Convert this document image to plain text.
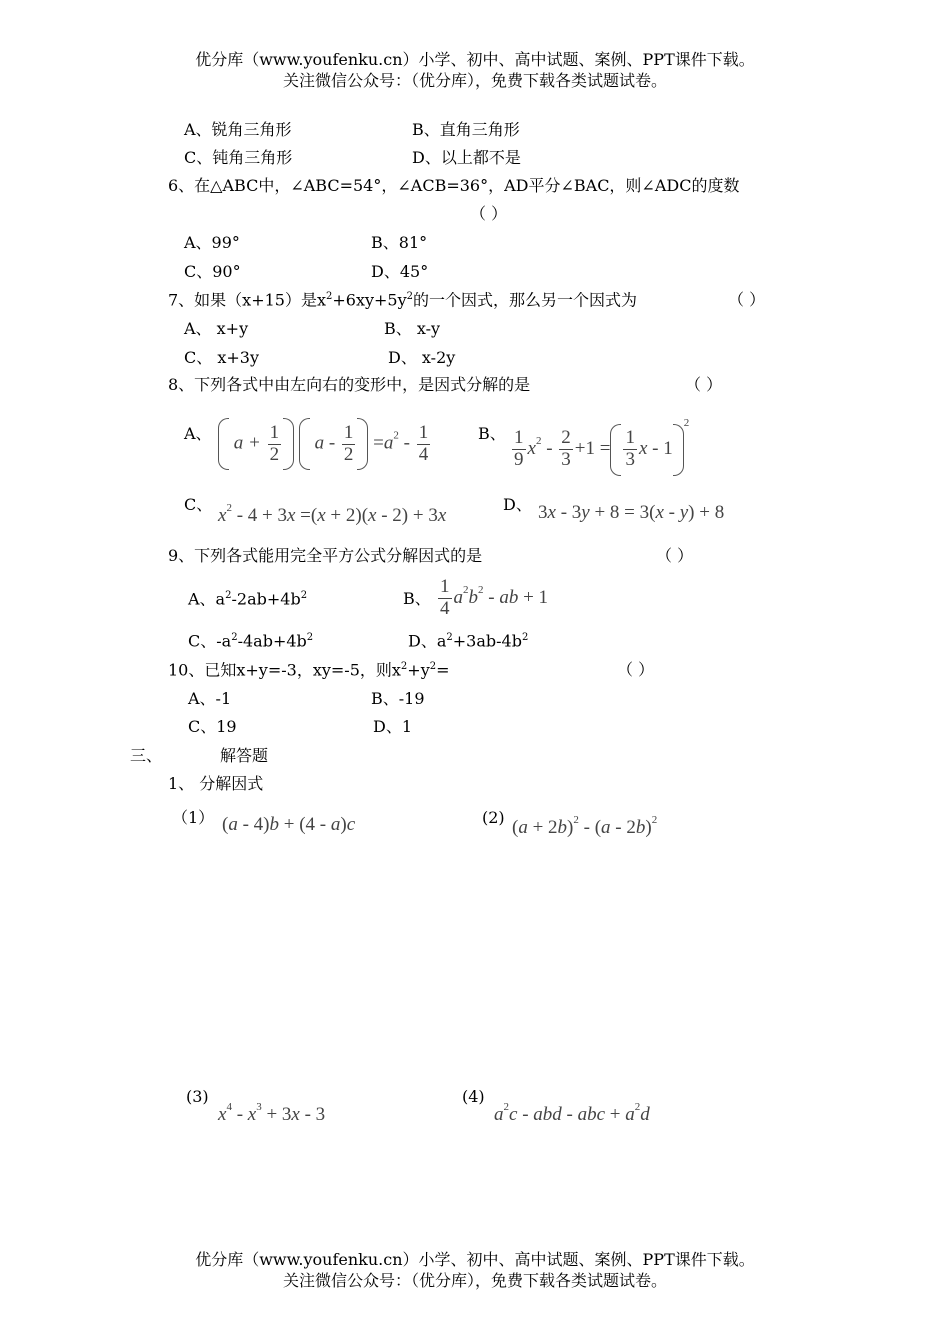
优分库（www.youfenku.cn）小学、初中、高中试题、案例、PPT课件下载。
关注微信公众号：（优分库），免费下载各类试题试卷。
A、锐角三角形	B、直角三角形
C、钝角三角形	D、以上都不是
6、在△ABC中，∠ABC=54°，∠ACB=36°，AD平分∠BAC，则∠ADC的度数
（ ）
A、99°	B、81°
C、90°	D、45°
7、如果（x+15）是$x^2+6xy+5y^2$的一个因式，那么另一个因式为	（ ）
A、 x+y	B、 x-y
C、 x+3y	D、 x-2y
8、下列各式中由左向右的变形中，是因式分解的是	（ ）
A、 $a + \frac{1}{2}$ $a - \frac{1}{2} =a^2 - \frac{1}{4}$	B、 $\frac{1}{9} x^2 - \frac{2}{3} +1 = \frac{1}{3}$ x - $1^2$
C、
$x^2 - 4 + 3x =(x + 2)(x - 2) + 3x$
D、 3x - 3y + 8 = 3(x - y) + 8
9、下列各式能用完全平方公式分解因式的是	（ ）
A、$a^2-2ab+4b^2$	B、 $\frac{1}{4} a^2b^2$ - ab + 1
C、$-a^2-4ab+4b^2$	D、$a^2+3ab-4b^2$
10、已知x+y=-3，xy=-5，则$x^2+y^2=$	（ ）
A、-1	B、-19
C、19	D、1
三、	解答题
1、 分解因式
（1） (a - 4)b + (4 - a)c	(2) $(a + 2b)^2 - (a - 2b)^2$
(3)
$x^4 - x^3 + 3x - 3$
(4)
$a^2c$ - abd - abc + $a^2d$
优分库（www.youfenku.cn）小学、初中、高中试题、案例、PPT课件下载。
关注微信公众号：（优分库），免费下载各类试题试卷。
